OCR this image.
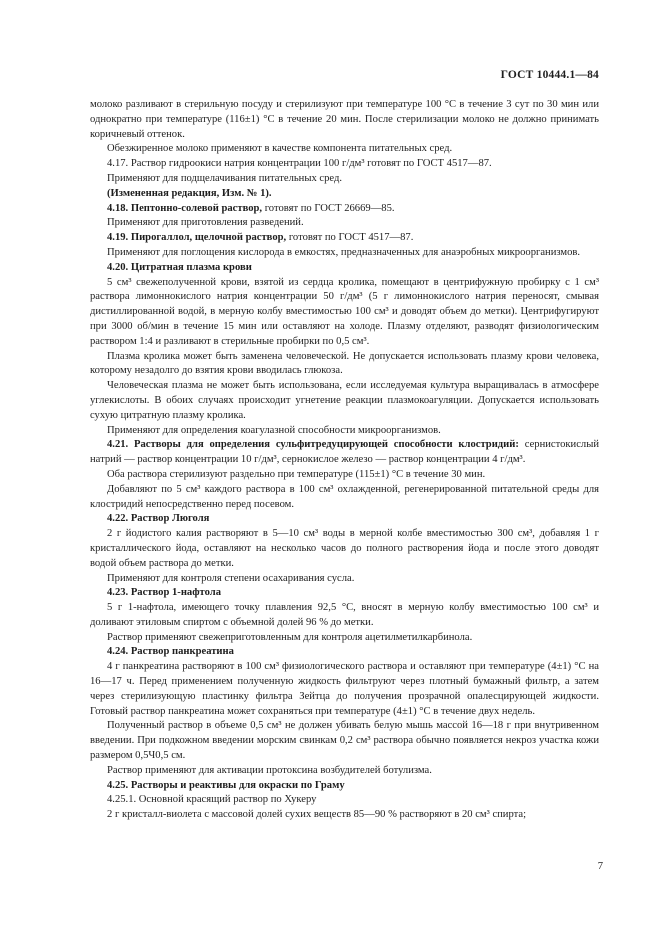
ГОСТ 10444.1—84

молоко разливают в стерильную посуду и стерилизуют при температуре 100 °С в течение 3 сут по 30 мин или однократно при температуре (116±1) °С в течение 20 мин. После стерилизации молоко не должно принимать коричневый оттенок.

Обезжиренное молоко применяют в качестве компонента питательных сред.

4.17. Раствор гидроокиси натрия концентрации 100 г/дм³ готовят по ГОСТ 4517—87.

Применяют для подщелачивания питательных сред.

(Измененная редакция, Изм. № 1).

4.18. Пептонно-солевой раствор, готовят по ГОСТ 26669—85.

Применяют для приготовления разведений.

4.19. Пирогаллол, щелочной раствор, готовят по ГОСТ 4517—87.

Применяют для поглощения кислорода в емкостях, предназначенных для анаэробных микроорганизмов.

4.20. Цитратная плазма крови

5 см³ свежеполученной крови, взятой из сердца кролика, помещают в центрифужную пробирку с 1 см³ раствора лимоннокислого натрия концентрации 50 г/дм³ (5 г лимоннокислого натрия переносят, смывая дистиллированной водой, в мерную колбу вместимостью 100 см³ и доводят объем до метки). Центрифугируют при 3000 об/мин в течение 15 мин или оставляют на холоде. Плазму отделяют, разводят физиологическим раствором 1:4 и разливают в стерильные пробирки по 0,5 см³.

Плазма кролика может быть заменена человеческой. Не допускается использовать плазму крови человека, которому незадолго до взятия крови вводилась глюкоза.

Человеческая плазма не может быть использована, если исследуемая культура выращивалась в атмосфере углекислоты. В обоих случаях происходит угнетение реакции плазмокоагуляции. Допускается использовать сухую цитратную плазму кролика.

Применяют для определения коагулазной способности микроорганизмов.

4.21. Растворы для определения сульфитредуцирующей способности клостридий: сернистокислый натрий — раствор концентрации 10 г/дм³, сернокислое железо — раствор концентрации 4 г/дм³.

Оба раствора стерилизуют раздельно при температуре (115±1) °С в течение 30 мин.

Добавляют по 5 см³ каждого раствора в 100 см³ охлажденной, регенерированной питательной среды для клостридий непосредственно перед посевом.

4.22. Раствор Люголя

2 г йодистого калия растворяют в 5—10 см³ воды в мерной колбе вместимостью 300 см³, добавляя 1 г кристаллического йода, оставляют на несколько часов до полного растворения йода и после этого доводят водой объем раствора до метки.

Применяют для контроля степени осахаривания сусла.

4.23. Раствор 1-нафтола

5 г 1-нафтола, имеющего точку плавления 92,5 °С, вносят в мерную колбу вместимостью 100 см³ и доливают этиловым спиртом с объемной долей 96 % до метки.

Раствор применяют свежеприготовленным для контроля ацетилметилкарбинола.

4.24. Раствор панкреатина

4 г панкреатина растворяют в 100 см³ физиологического раствора и оставляют при температуре (4±1) °С на 16—17 ч. Перед применением полученную жидкость фильтруют через плотный бумажный фильтр, а затем через стерилизующую пластинку фильтра Зейтца до получения прозрачной опалесцирующей жидкости. Готовый раствор панкреатина может сохраняться при температуре (4±1) °С в течение двух недель.

Полученный раствор в объеме 0,5 см³ не должен убивать белую мышь массой 16—18 г при внутривенном введении. При подкожном введении морским свинкам 0,2 см³ раствора обычно появляется некроз участка кожи размером 0,5Ч0,5 см.

Раствор применяют для активации протоксина возбудителей ботулизма.

4.25. Растворы и реактивы для окраски по Граму

4.25.1. Основной красящий раствор по Хукеру

2 г кристалл-виолета с массовой долей сухих веществ 85—90 % растворяют в 20 см³ спирта;

7
